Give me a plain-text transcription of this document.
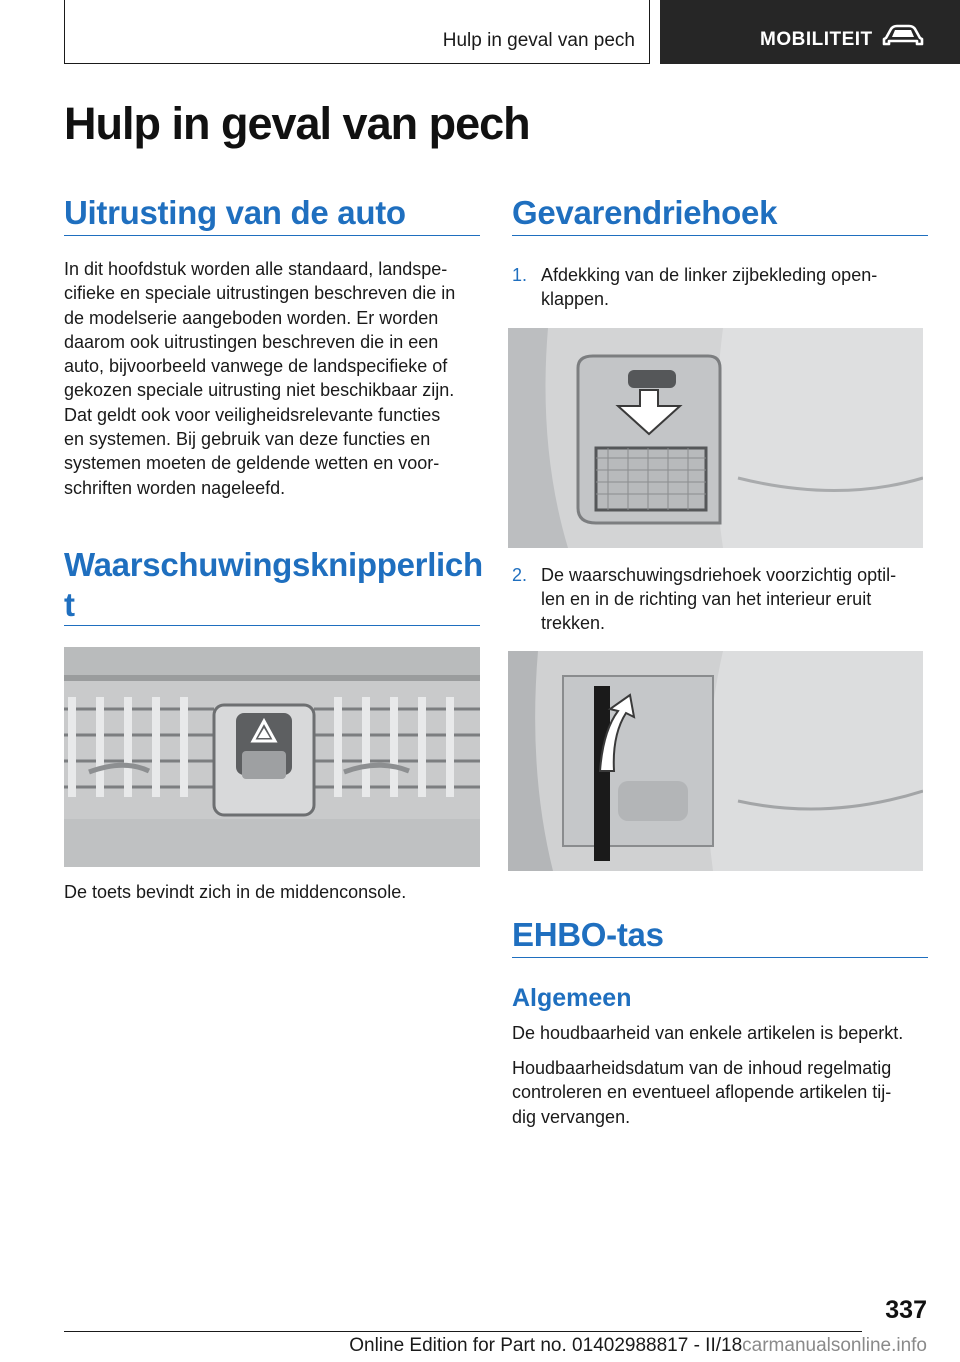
Hulp in geval van pech	MOBILITEIT
Hulp in geval van pech
Uitrusting van de auto
In dit hoofdstuk worden alle standaard, landspe‐
cifieke en speciale uitrustingen beschreven die in
de modelserie aangeboden worden. Er worden
daarom ook uitrustingen beschreven die in een
auto, bijvoorbeeld vanwege de landspecifieke of
gekozen speciale uitrusting niet beschikbaar zijn.
Dat geldt ook voor veiligheidsrelevante functies
en systemen. Bij gebruik van deze functies en
systemen moeten de geldende wetten en voor‐
schriften worden nageleefd.
Waarschuwingsknipperlich
t
De toets bevindt zich in de middenconsole.
Gevarendriehoek
1. Afdekking van de linker zijbekleding open‐
klappen.
2. De waarschuwingsdriehoek voorzichtig optil‐
len en in de richting van het interieur eruit
trekken.
EHBO-tas
Algemeen
De houdbaarheid van enkele artikelen is beperkt.
Houdbaarheidsdatum van de inhoud regelmatig
controleren en eventueel aflopende artikelen tij‐
dig vervangen.
337
Online Edition for Part no. 01402988817 - II/18carmanualsonline.info
